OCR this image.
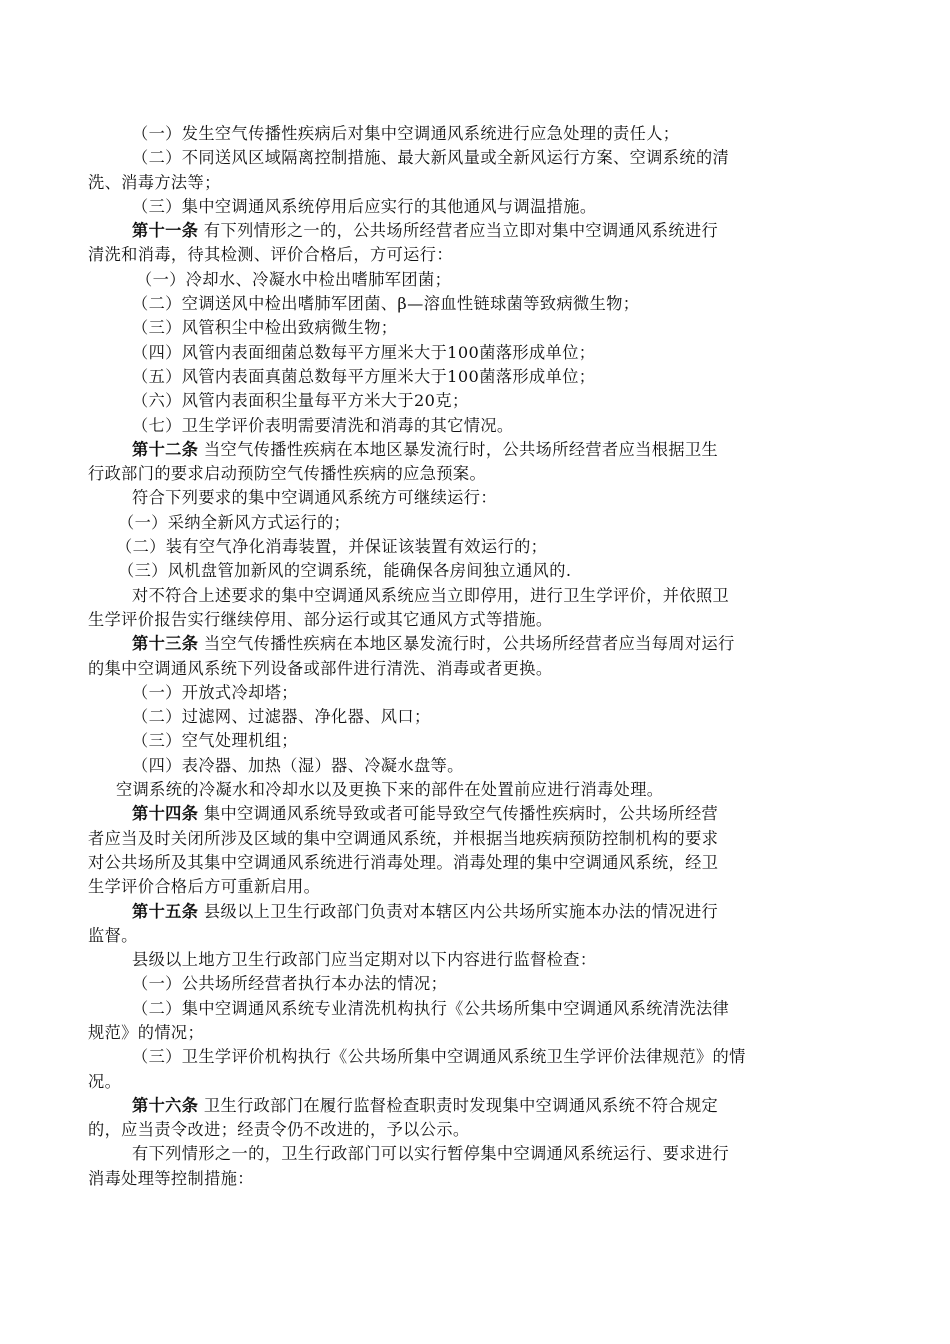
（一）发生空气传播性疾病后对集中空调通风系统进行应急处理的责任人；
（二）不同送风区域隔离控制措施、最大新风量或全新风运行方案、空调系统的清
洗、消毒方法等；
（三）集中空调通风系统停用后应实行的其他通风与调温措施。
第十一条 有下列情形之一的，公共场所经营者应当立即对集中空调通风系统进行
清洗和消毒，待其检测、评价合格后，方可运行：
（一）冷却水、冷凝水中检出嗜肺军团菌；
（二）空调送风中检出嗜肺军团菌、β—溶血性链球菌等致病微生物；
（三）风管积尘中检出致病微生物；
（四）风管内表面细菌总数每平方厘米大于100菌落形成单位；
（五）风管内表面真菌总数每平方厘米大于100菌落形成单位；
（六）风管内表面积尘量每平方米大于20克；
（七）卫生学评价表明需要清洗和消毒的其它情况。
第十二条 当空气传播性疾病在本地区暴发流行时，公共场所经营者应当根据卫生
行政部门的要求启动预防空气传播性疾病的应急预案。
符合下列要求的集中空调通风系统方可继续运行：
（一）采纳全新风方式运行的；
（二）装有空气净化消毒装置，并保证该装置有效运行的；
（三）风机盘管加新风的空调系统，能确保各房间独立通风的.
对不符合上述要求的集中空调通风系统应当立即停用，进行卫生学评价，并依照卫
生学评价报告实行继续停用、部分运行或其它通风方式等措施。
第十三条 当空气传播性疾病在本地区暴发流行时，公共场所经营者应当每周对运行
的集中空调通风系统下列设备或部件进行清洗、消毒或者更换。
（一）开放式冷却塔；
（二）过滤网、过滤器、净化器、风口；
（三）空气处理机组；
（四）表冷器、加热（湿）器、冷凝水盘等。
空调系统的冷凝水和冷却水以及更换下来的部件在处置前应进行消毒处理。
第十四条 集中空调通风系统导致或者可能导致空气传播性疾病时，公共场所经营
者应当及时关闭所涉及区域的集中空调通风系统，并根据当地疾病预防控制机构的要求
对公共场所及其集中空调通风系统进行消毒处理。消毒处理的集中空调通风系统，经卫
生学评价合格后方可重新启用。
第十五条 县级以上卫生行政部门负责对本辖区内公共场所实施本办法的情况进行
监督。
县级以上地方卫生行政部门应当定期对以下内容进行监督检查：
（一）公共场所经营者执行本办法的情况；
（二）集中空调通风系统专业清洗机构执行《公共场所集中空调通风系统清洗法律
规范》的情况；
（三）卫生学评价机构执行《公共场所集中空调通风系统卫生学评价法律规范》的情
况。
第十六条 卫生行政部门在履行监督检查职责时发现集中空调通风系统不符合规定
的，应当责令改进；经责令仍不改进的，予以公示。
有下列情形之一的，卫生行政部门可以实行暂停集中空调通风系统运行、要求进行
消毒处理等控制措施：
